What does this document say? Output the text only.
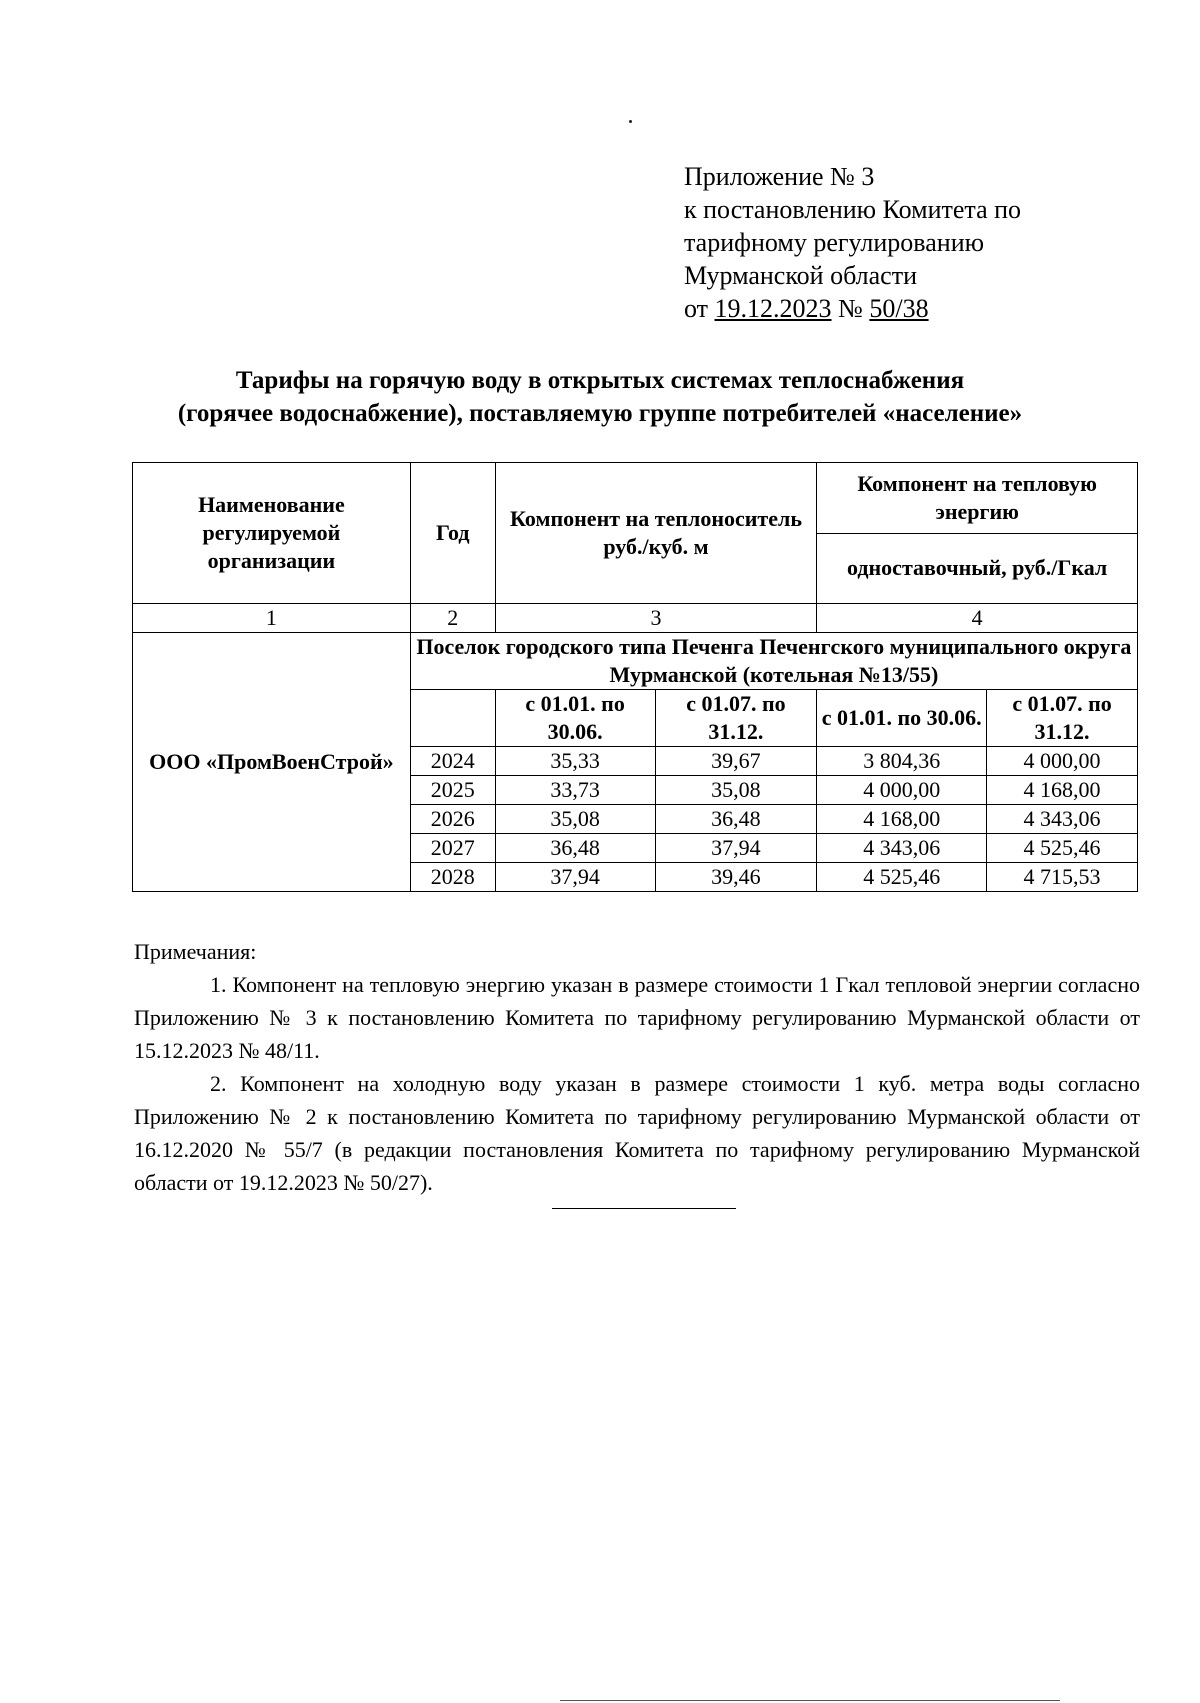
Приложение № 3
к постановлению Комитета по
тарифному регулированию
Мурманской области
от 19.12.2023 № 50/38
Тарифы на горячую воду в открытых системах теплоснабжения
(горячее водоснабжение), поставляемую группе потребителей «население»
Наименование регулируемой организации	Год	Компонент на теплоноситель руб./куб. м		Компонент на тепловую энергию	
				одноставочный, руб./Гкал	
1	2	3		4	
ООО «ПромВоенСтрой»	Поселок городского типа Печенга Печенгского муниципального округа Мурманской (котельная №13/55)				
		с 01.01. по 30.06.	с 01.07. по 31.12.	с 01.01. по 30.06.	с 01.07. по 31.12.
	2024	35,33	39,67	3 804,36	4 000,00
	2025	33,73	35,08	4 000,00	4 168,00
	2026	35,08	36,48	4 168,00	4 343,06
	2027	36,48	37,94	4 343,06	4 525,46
	2028	37,94	39,46	4 525,46	4 715,53

Примечания:

1. Компонент на тепловую энергию указан в размере стоимости 1 Гкал тепловой энергии согласно Приложению № 3 к постановлению Комитета по тарифному регулированию Мурманской области от 15.12.2023 № 48/11.

2. Компонент на холодную воду указан в размере стоимости 1 куб. метра воды согласно Приложению № 2 к постановлению Комитета по тарифному регулированию Мурманской области от 16.12.2020 № 55/7 (в редакции постановления Комитета по тарифному регулированию Мурманской области от 19.12.2023 № 50/27).
